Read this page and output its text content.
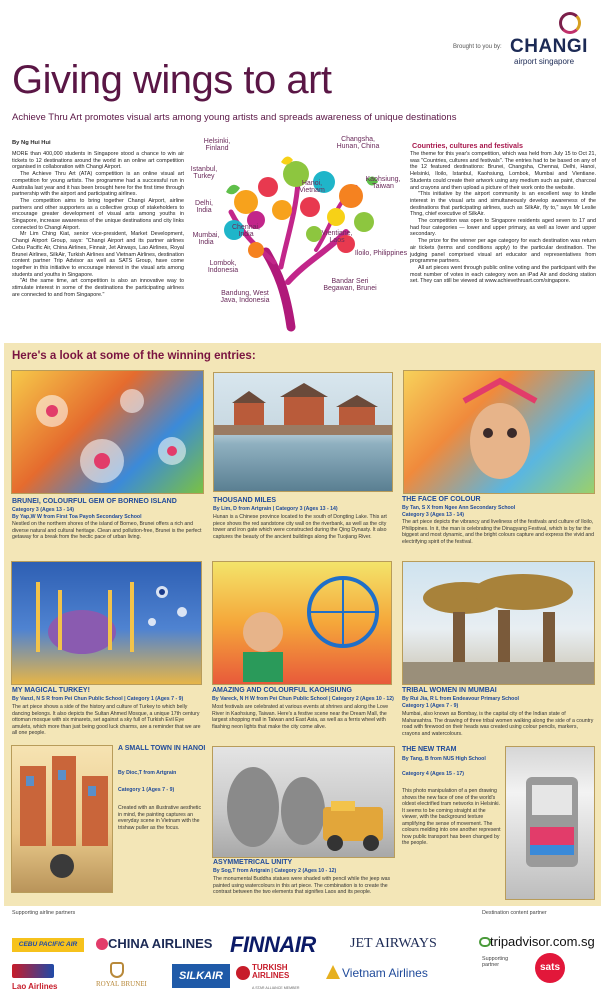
Brought to you by: CHANGI
airport singapore
Giving wings to art
Achieve Thru Art promotes visual arts among young artists and spreads awareness of unique destinations
By Ng Hui Hui

MORE than 400,000 students in Singapore stood a chance to win air tickets to 12 destinations around the world in an online art competition organised in collaboration with Changi Airport.

The Achieve Thru Art (ATA) competition is an online visual art competition for young artists. The programme had a successful run in Australia last year and it has been brought here for the first time through partnership with the airport and participating airlines.

The competition aims to bring together Changi Airport, airline partners and other supporters as a collective group of stakeholders to encourage greater development of visual arts among youths in Singapore, increase awareness of the unique destinations and city links connected to Changi Airport.

Mr Lim Ching Kiat, senior vice-president, Market Development, Changi Airport Group, says: "Changi Airport and its partner airlines Cebu Pacific Air, China Airlines, Finnair, Jet Airways, Lao Airlines, Royal Brunei Airlines, SilkAir, Turkish Airlines and Vietnam Airlines, destination content partner Trip Advisor as well as SATS Group, have come together in this initiative to encourage interest in the visual arts among students and youths in Singapore.

"At the same time, art competition is also an innovative way to stimulate interest in some of the destinations the participating airlines are connected to and from Singapore."

Helsinki, Finland
Istanbul, Turkey
Delhi, India
Mumbai, India
Chennai, India
Lombok, Indonesia
Bandung, West Java, Indonesia
Vientiane, Laos
Hanoi, Vietnam
Bandar Seri Begawan, Brunei
Changsha, Hunan, China
Kaohsiung, Taiwan
Iloilo, Philippines
Countries, cultures and festivals

The theme for this year's competition, which was held from July 15 to Oct 21, was "Countries, cultures and festivals". The entries had to be based on any of the 12 featured destinations: Brunei, Changsha, Chennai, Delhi, Hanoi, Helsinki, Iloilo, Istanbul, Kaohsiung, Lombok, Mumbai and Vientiane. Students could create their artwork using any medium such as paint, charcoal and crayons and then upload a picture of their work onto the website.

"This initiative by the airport community is an excellent way to kindle interest in the visual arts and simultaneously develop awareness of the destinations that participating airlines, such as SilkAir, fly to," says Mr Leslie Thng, chief executive of SilkAir.

The competition was open to Singapore residents aged seven to 17 and had four categories — lower and upper primary, as well as lower and upper secondary.

The prize for the winner per age category for each destination was return air tickets (terms and conditions apply) to the particular destination. The judging panel comprised visual art educator and representatives from programme partners.

All art pieces went through public online voting and the participant with the most number of votes in each category won an iPad Air and docking station set. They can still be viewed at www.achievethruart.com/singapore.

Here's a look at some of the winning entries:
BRUNEI, COLOURFUL GEM OF BORNEO ISLAND
Category 3 (Ages 13 - 14)
By Yap,W W from First Toa Payoh Secondary School
Nestled on the northern shores of the island of Borneo, Brunei offers a rich and diverse natural and cultural heritage. Clean and pollution-free, Brunei is the perfect getaway for a break from the hectic pace of urban living.
THOUSAND MILES
By Lim, D from Artgrain | Category 3 (Ages 13 - 14)
Hunan is a Chinese province located to the south of Dongting Lake. This art piece shows the red sandstone city wall on the riverbank, as well as the city tower and iron gate which were constructed during the Qing Dynasty. It also captures the beauty of the ancient buildings along the Tuojiang River.
THE FACE OF COLOUR
By Tan, S X from Ngee Ann Secondary School
Category 3 (Ages 13 - 14)
The art piece depicts the vibrancy and liveliness of the festivals and culture of Iloilo, Philippines. In it, the man is celebrating the Dinagyang Festival, which is by far the biggest and most dynamic, and the bright colours capture and express the vivid and electrifying spirit of the festival.
MY MAGICAL TURKEY!
By Vanzl, N S R from Pei Chun Public School | Category 1 (Ages 7 - 9)
The art piece shows a side of the history and culture of Turkey to which belly dancing belongs. It also depicts the Sultan Ahmed Mosque, a unique 17th century ottoman mosque with six minarets, set against a sky full of Turkish Evil Eye amulets, which more than just being good luck charms, are a reminder that we are all one people.
AMAZING AND COLOURFUL KAOHSIUNG
By Vareck, N H W from Pei Chun Public School | Category 2 (Ages 10 - 12)
Most festivals are celebrated at various events at shrines and along the Love River in Kaohsiung, Taiwan. Here's a festive scene near the Dream Mall, the largest shopping mall in Taiwan and East Asia, as well as a ferris wheel with flashing neon lights that make the city come alive.
TRIBAL WOMEN IN MUMBAI
By Rui Jia, R L from Endeavour Primary School
Category 1 (Ages 7 - 9)
Mumbai, also known as Bombay, is the capital city of the Indian state of Maharashtra. The drawing of three tribal women walking along the side of a country road with firewood on their heads was created using colour pencils, markers, crayons and watercolours.
A SMALL TOWN IN HANOI
By Dioc,T from Artgrain
Category 1 (Ages 7 - 9)
Created with an illustrative aesthetic in mind, the painting captures an everyday scene in Vietnam with the trishaw puller as the focus.
ASYMMETRICAL UNITY
By Sog,T from Artgrain | Category 2 (Ages 10 - 12)
The monumental Buddha statues were shaded with pencil while the jeep was painted using watercolours in this art piece. The combination is to create the contrast between the two elements that signifies Laos and its people.
THE NEW TRAM
By Tang, B from NUS High School
Category 4 (Ages 15 - 17)
This photo manipulation of a pen drawing shows the new face of one of the world's oldest electrified tram networks in Helsinki. It seems to be coming straight at the viewer, with the background texture amplifying the sense of movement. The colours melding into one another represent how public transport has been changed by the people.
Supporting airline partners	Destination content partner
Supporting partner
CEBU PACIFIC AIR	CHINA AIRLINES FINNAIR JET AIRWAYS	tripadvisor.com.sg
Lao Airlines	ROYAL BRUNEI
SILKAIR
TURKISH AIRLINES
A STAR ALLIANCE MEMBER
Vietnam Airlines	sats
